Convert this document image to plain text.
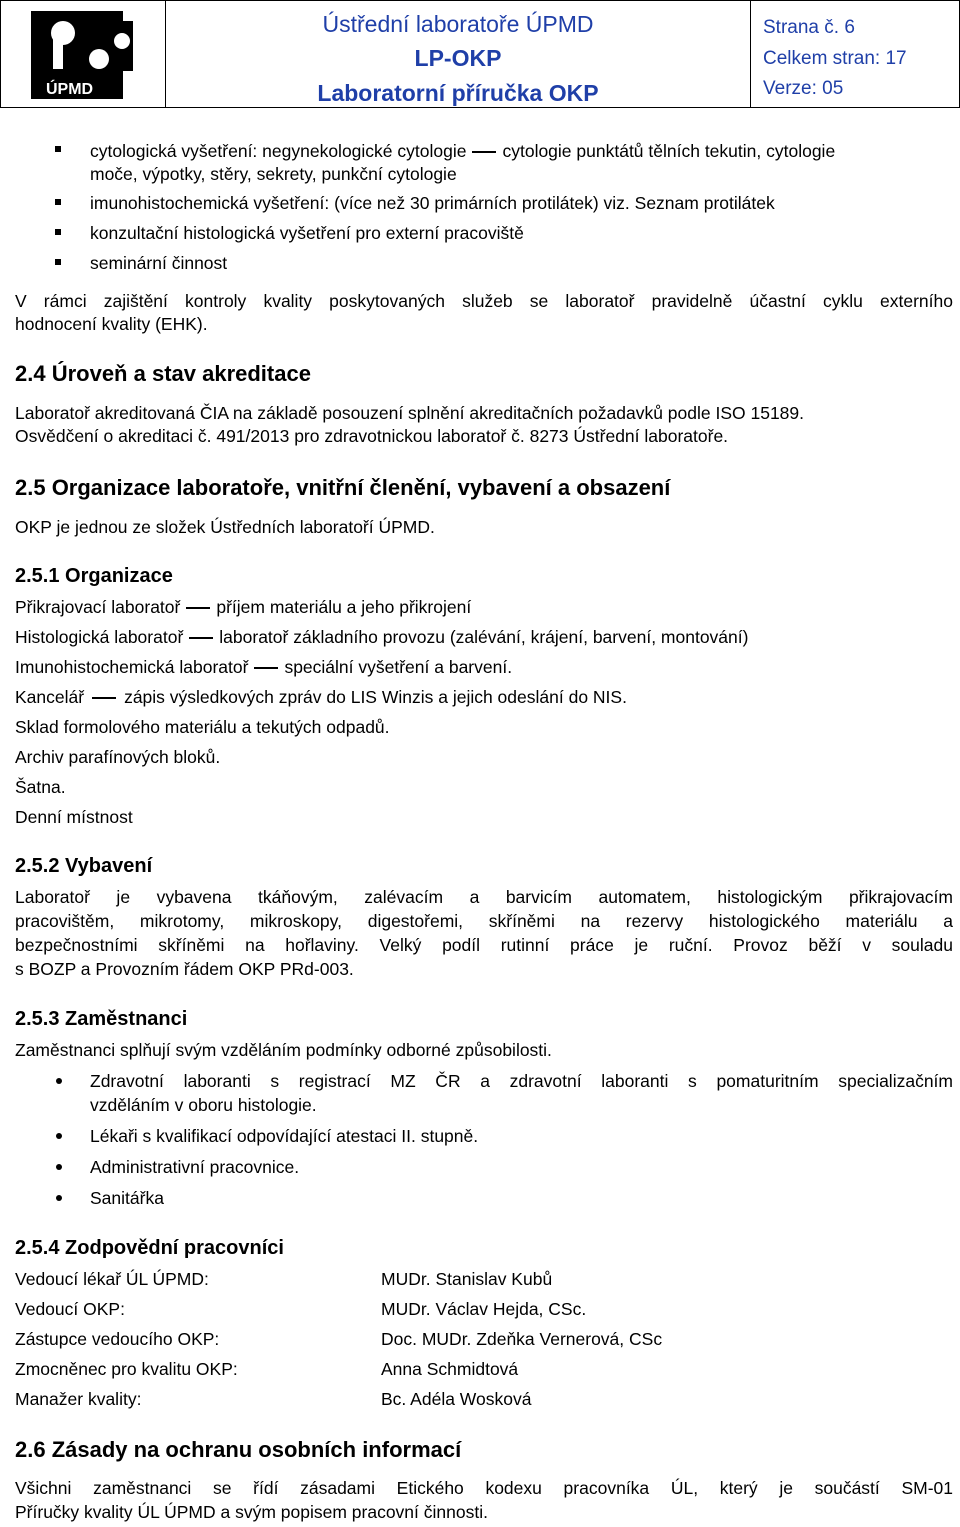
ÚPMD
Ústřední laboratoře ÚPMD
LP-OKP
Laboratorní příručka OKP
Strana č. 6
Celkem stran: 17
Verze: 05
cytologická vyšetření: negynekologické cytologie cytologie punktátů tělních tekutin, cytologie
moče, výpotky, stěry, sekrety, punkční cytologie
imunohistochemická vyšetření: (více než 30 primárních protilátek) viz. Seznam protilátek
konzultační histologická vyšetření pro externí pracoviště
seminární činnost
V rámci zajištění kontroly kvality poskytovaných služeb se laboratoř pravidelně účastní cyklu externího
hodnocení kvality (EHK).
2.4 Úroveň a stav akreditace
Laboratoř akreditovaná ČIA na základě posouzení splnění akreditačních požadavků podle ISO 15189.
Osvědčení o akreditaci č. 491/2013 pro zdravotnickou laboratoř č. 8273 Ústřední laboratoře.
2.5 Organizace laboratoře, vnitřní členění, vybavení a obsazení
OKP je jednou ze složek Ústředních laboratoří ÚPMD.
2.5.1 Organizace
Přikrajovací laboratoř příjem materiálu a jeho přikrojení
Histologická laboratoř laboratoř základního provozu (zalévání, krájení, barvení, montování)
Imunohistochemická laboratoř speciální vyšetření a barvení.
Kancelář zápis výsledkových zpráv do LIS Winzis a jejich odeslání do NIS.
Sklad formolového materiálu a tekutých odpadů.
Archiv parafínových bloků.
Šatna.
Denní místnost
2.5.2 Vybavení
Laboratoř je vybavena tkáňovým, zalévacím a barvicím automatem, histologickým přikrajovacím
pracovištěm, mikrotomy, mikroskopy, digestořemi, skříněmi na rezervy histologického materiálu a
bezpečnostními skříněmi na hořlaviny. Velký podíl rutinní práce je ruční. Provoz běží v souladu
s BOZP a Provozním řádem OKP PRd-003.
2.5.3 Zaměstnanci
Zaměstnanci splňují svým vzděláním podmínky odborné způsobilosti.
Zdravotní laboranti s registrací MZ ČR a zdravotní laboranti s pomaturitním specializačním
vzděláním v oboru histologie.
Lékaři s kvalifikací odpovídající atestaci II. stupně.
Administrativní pracovnice.
Sanitářka
2.5.4 Zodpovědní pracovníci
Vedoucí lékař ÚL ÚPMD:	MUDr. Stanislav Kubů
Vedoucí OKP:	MUDr. Václav Hejda, CSc.
Zástupce vedoucího OKP:	Doc. MUDr. Zdeňka Vernerová, CSc
Zmocněnec pro kvalitu OKP:	Anna Schmidtová
Manažer kvality:	Bc. Adéla Wosková
2.6 Zásady na ochranu osobních informací
Všichni zaměstnanci se řídí zásadami Etického kodexu pracovníka ÚL, který je součástí SM-01
Příručky kvality ÚL ÚPMD a svým popisem pracovní činnosti.
